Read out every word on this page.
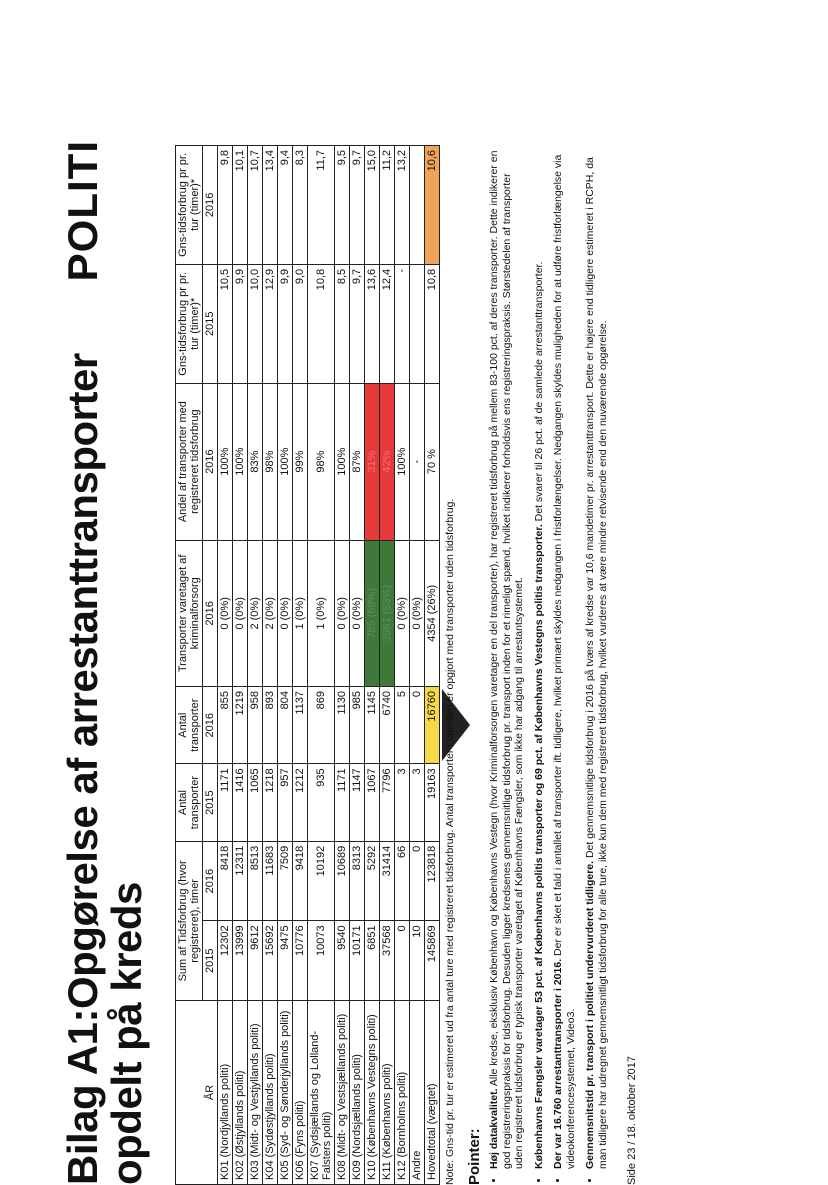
Bilag A1:Opgørelse af arrestanttransporter opdelt på kreds
POLITI
ÅR	Sum af Tidsforbrug (hvor registreret), timer		Antal transporter	Antal transporter	Transporter varetaget af kriminalforsorg	Andel af transporter med registreret tidsforbrug	Gns-tidsforbrug pr pr. tur (timer)*	Gns-tidsforbrug pr pr. tur (timer)*
	2015	2016	2015	2016	2016	2016	2015	2016
K01 (Nordjyllands politi)	12302	8418	1171	855	0 (0%)	100%	10,5	9,8
K02 (Østjyllands politi)	13999	12311	1416	1219	0 (0%)	100%	9,9	10,1
K03 (Midt- og Vestjyllands politi)	9612	8513	1065	958	2 (0%)	83%	10,0	10,7
K04 (Sydøstjyllands politi)	15692	11683	1218	893	2 (0%)	98%	12,9	13,4
K05 (Syd- og Sønderjyllands politi)	9475	7509	957	804	0 (0%)	100%	9,9	9,4
K06 (Fyns politi)	10776	9418	1212	1137	1 (0%)	99%	9,0	8,3
K07 (Sydsjællands og Lolland-Falsters politi)	10073	10192	935	869	1 (0%)	98%	10,8	11,7
K08 (Midt- og Vestsjællands politi)	9540	10689	1171	1130	0 (0%)	100%	8,5	9,5
K09 (Nordsjællands politi)	10171	8313	1147	985	0 (0%)	87%	9,7	9,7
K10 (Københavns Vestegns politi)	6851	5292	1067	1145	785 (69%)	31%	13,6	15,0
K11 (Københavns politi)	37568	31414	7796	6740	3561 (53%)	42%	12,4	11,2
K12 (Bornholms politi)	0	66	3	5	0 (0%)	100%	-	13,2
Andre	10	0	3	0	0 (0%)	-		
Hovedtotal (vægtet)	145869	123818	19163	16760	4354 (26%)	70 %	10,8	10,6
Note: Gns-tid pr. tur er estimeret ud fra antal ture med registreret tidsforbrug. Antal transporter i tabellen er opgjort med transporter uden tidsforbrug. Pointer: • Høj datakvalitet. Alle kredse, eksklusiv København og Københavns Vestegn (hvor Kriminalforsorgen varetager en del transporter), har registreret tidsforbrug på mellem 83-100 pct. af deres transporter. Dette indikerer en god registreringspraksis for tidsforbrug. Desuden ligger kredsenes gennemsnitlige tidsforbrug pr. transport inden for et rimeligt spænd, hvilket indikerer forholdsvis ens registreringspraksis. Størstedelen af transporter uden registreret tidsforbrug er typisk transporter varetaget af Københavns Fængsler, som ikke har adgang til arrestantsystemet. • Københavns Fængsler varetager 53 pct. af Københavns politis transporter og 69 pct. af Københavns Vestegns politis transporter. Det svarer til 26 pct. af de samlede arrestanttransporter.
• Der var 16.760 arrestanttransporter i 2016. Der er sket et fald i antallet af transporter ift. tidligere, hvilket primært skyldes nedgangen i fristforlængelser. Nedgangen skyldes muligheden for at udføre fristforlængelse via videokonferencesystemet, Video3. • Gennemsnitstid pr. transport i politiet undervurderet tidligere. Det gennemsnitlige tidsforbrug i 2016 på tværs af kredse var 10,6 mandetimer pr. arrestanttransport. Dette er højere end tidligere estimeret i RCPH, da man tidligere har udregnet gennemsnitligt tidsforbrug for alle ture, ikke kun dem med registreret tidsforbrug, hvilket vurderes at være mindre retvisende end den nuværende opgørelse. Side 23 / 18. oktober 2017
